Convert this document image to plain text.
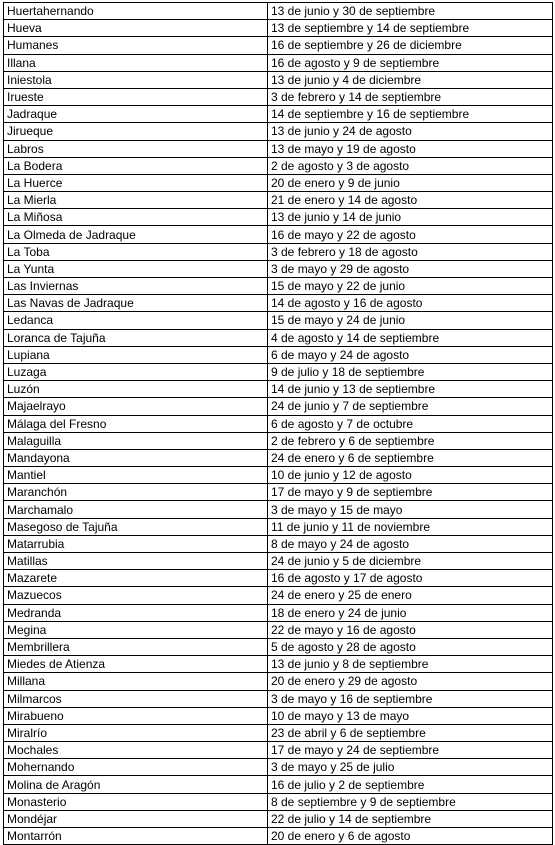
Huertahernando	13 de junio y 30 de septiembre
Hueva	13 de septiembre y 14 de septiembre
Humanes	16 de septiembre y 26 de diciembre
Illana	16 de agosto y 9 de septiembre
Iniestola	13 de junio y 4 de diciembre
Irueste	3 de febrero y 14 de septiembre
Jadraque	14 de septiembre y 16 de septiembre
Jirueque	13 de junio y 24 de agosto
Labros	13 de mayo y 19 de agosto
La Bodera	2 de agosto y 3 de agosto
La Huerce	20 de enero y 9 de junio
La Mierla	21 de enero y 14 de agosto
La Miñosa	13 de junio y 14 de junio
La Olmeda de Jadraque	16 de mayo y 22 de agosto
La Toba	3 de febrero y 18 de agosto
La Yunta	3 de mayo y 29 de agosto
Las Inviernas	15 de mayo y 22 de junio
Las Navas de Jadraque	14 de agosto y 16 de agosto
Ledanca	15 de mayo y 24 de junio
Loranca de Tajuña	4 de agosto y 14 de septiembre
Lupiana	6 de mayo y 24 de agosto
Luzaga	9 de julio y 18 de septiembre
Luzón	14 de junio y 13 de septiembre
Majaelrayo	24 de junio y 7 de septiembre
Málaga del Fresno	6 de agosto y 7 de octubre
Malaguilla	2 de febrero y 6 de septiembre
Mandayona	24 de enero y 6 de septiembre
Mantiel	10 de junio y 12 de agosto
Maranchón	17 de mayo y 9 de septiembre
Marchamalo	3 de mayo y 15 de mayo
Masegoso de Tajuña	11 de junio y 11 de noviembre
Matarrubia	8 de mayo y 24 de agosto
Matillas	24 de junio y 5 de diciembre
Mazarete	16 de agosto y 17 de agosto
Mazuecos	24 de enero y 25 de enero
Medranda	18 de enero y 24 de junio
Megina	22 de mayo y 16 de agosto
Membrillera	5 de agosto y 28 de agosto
Miedes de Atienza	13 de junio y 8 de septiembre
Millana	20 de enero y 29 de agosto
Milmarcos	3 de mayo y 16 de septiembre
Mirabueno	10 de mayo y 13 de mayo
Miralrío	23 de abril y 6 de septiembre
Mochales	17 de mayo y 24 de septiembre
Mohernando	3 de mayo y 25 de julio
Molina de Aragón	16 de julio y 2 de septiembre
Monasterio	8 de septiembre y 9 de septiembre
Mondéjar	22 de julio y 14 de septiembre
Montarrón	20 de enero y 6 de agosto
